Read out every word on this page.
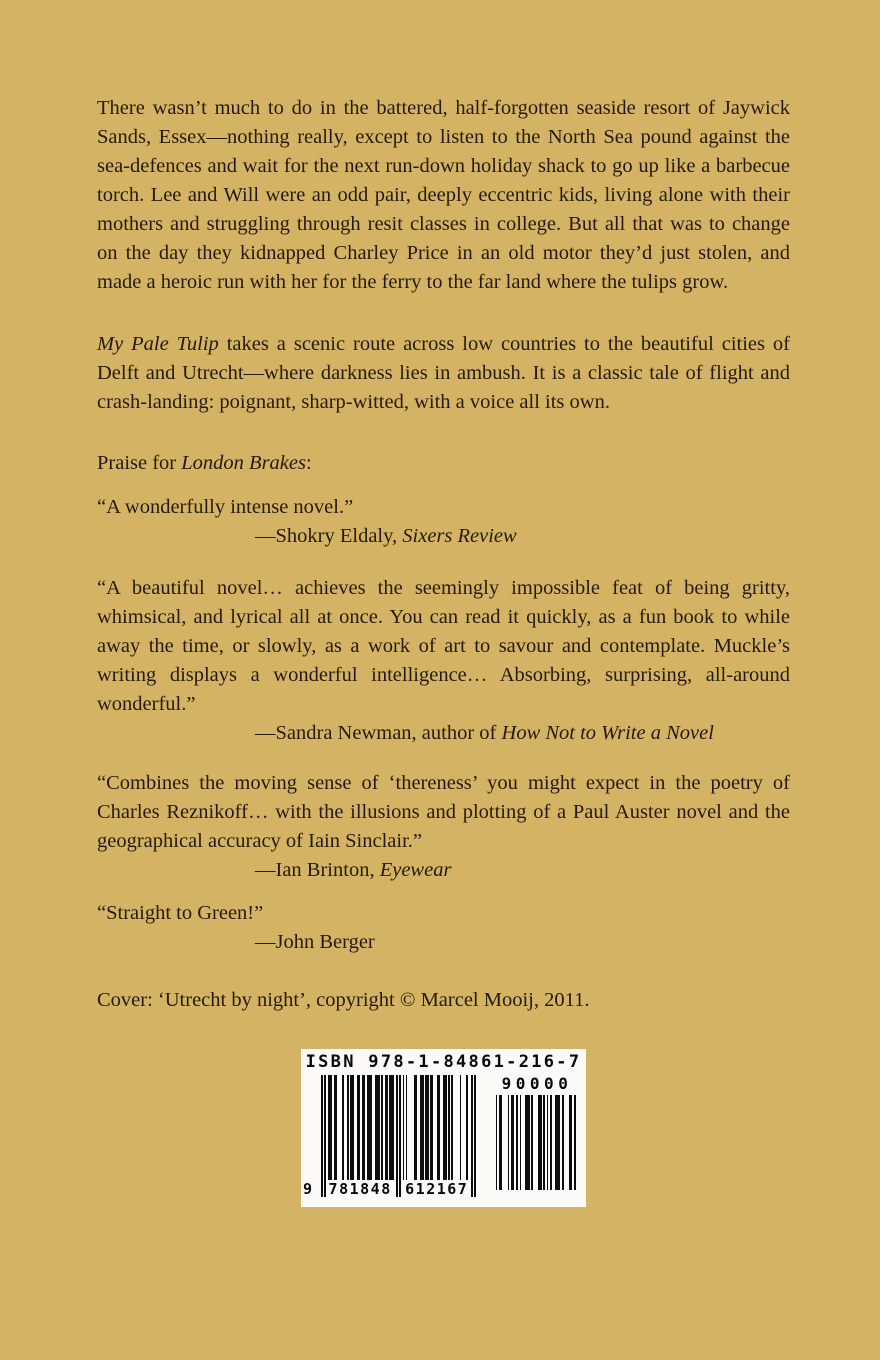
There wasn’t much to do in the battered, half-forgotten seaside resort of Jaywick Sands, Essex—nothing really, except to listen to the North Sea pound against the sea-defences and wait for the next run-down holiday shack to go up like a barbecue torch. Lee and Will were an odd pair, deeply eccentric kids, living alone with their mothers and struggling through resit classes in college. But all that was to change on the day they kidnapped Charley Price in an old motor they’d just stolen, and made a heroic run with her for the ferry to the far land where the tulips grow.

My Pale Tulip takes a scenic route across low countries to the beautiful cities of Delft and Utrecht—where darkness lies in ambush. It is a classic tale of flight and crash-landing: poignant, sharp-witted, with a voice all its own.

Praise for London Brakes:

“A wonderfully intense novel.”

—Shokry Eldaly, Sixers Review

“A beautiful novel… achieves the seemingly impossible feat of being gritty, whimsical, and lyrical all at once. You can read it quickly, as a fun book to while away the time, or slowly, as a work of art to savour and contemplate. Muckle’s writing displays a wonderful intelligence… Absorbing, surprising, all-around wonderful.”

—Sandra Newman, author of How Not to Write a Novel

“Combines the moving sense of ‘thereness’ you might expect in the poetry of Charles Reznikoff… with the illusions and plotting of a Paul Auster novel and the geographical accuracy of Iain Sinclair.”

—Ian Brinton, Eyewear

“Straight to Green!”

—John Berger

Cover: ‘Utrecht by night’, copyright © Marcel Mooij, 2011.

ISBN 978-1-84861-216-7
781848 612167
9
90000
